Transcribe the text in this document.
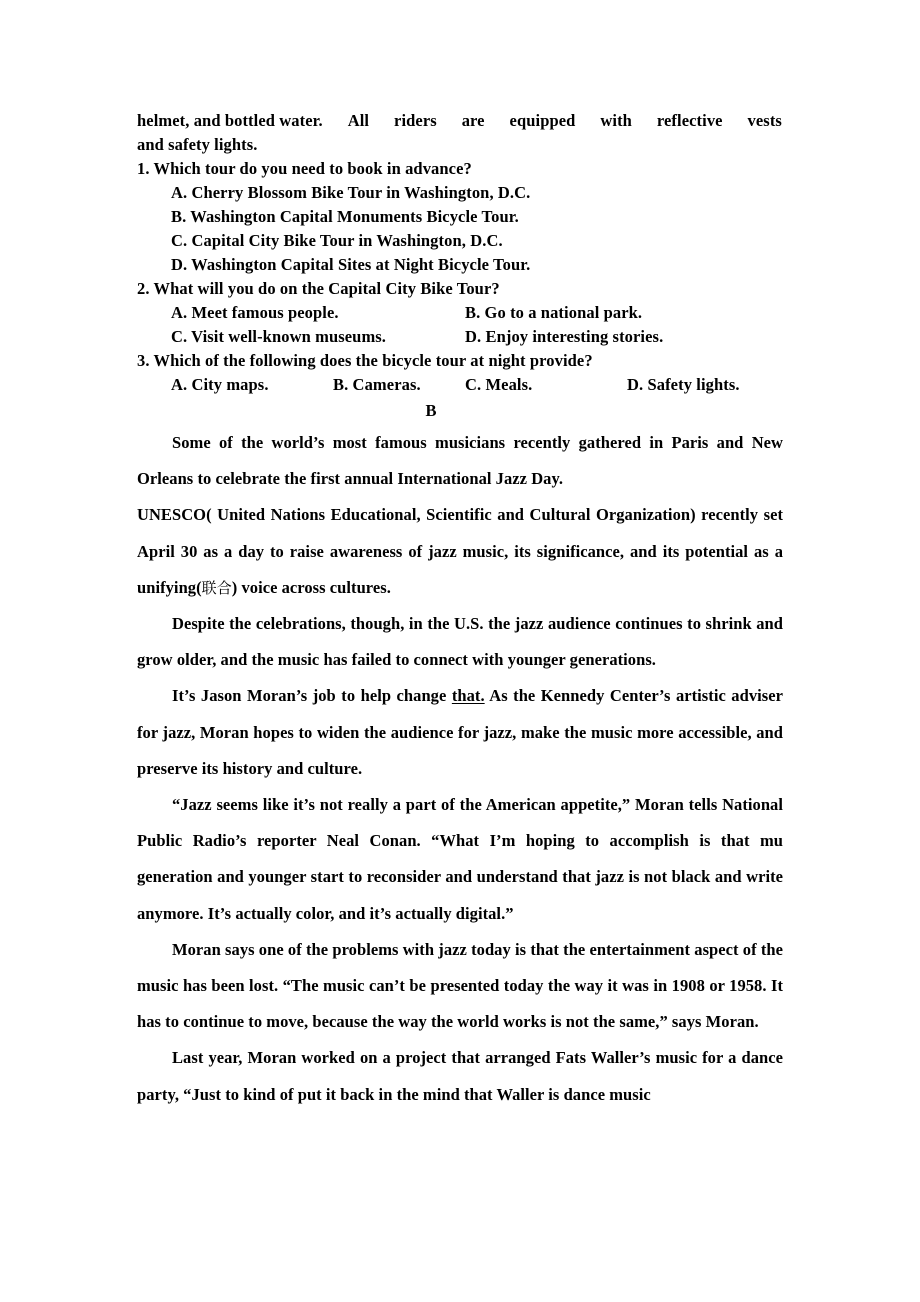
helmet, and bottled water. All riders are equipped with reflective vests
and safety lights.
1. Which tour do you need to book in advance?
A. Cherry Blossom Bike Tour in Washington, D.C.
B. Washington Capital Monuments Bicycle Tour.
C. Capital City Bike Tour in Washington, D.C.
D. Washington Capital Sites at Night Bicycle Tour.
2. What will you do on the Capital City Bike Tour?
A. Meet famous people.	B. Go to a national park.
C. Visit well-known museums.	D. Enjoy interesting stories.
3. Which of the following does the bicycle tour at night provide?
A. City maps.	B. Cameras.	C. Meals.	D. Safety lights.
B

Some of the world’s most famous musicians recently gathered in Paris and New Orleans to celebrate the first annual International Jazz Day.

UNESCO( United Nations Educational, Scientific and Cultural Organization) recently set April 30 as a day to raise awareness of jazz music, its significance, and its potential as a unifying(联合) voice across cultures.

Despite the celebrations, though, in the U.S. the jazz audience continues to shrink and grow older, and the music has failed to connect with younger generations.

It’s Jason Moran’s job to help change that. As the Kennedy Center’s artistic adviser for jazz, Moran hopes to widen the audience for jazz, make the music more accessible, and preserve its history and culture.

“Jazz seems like it’s not really a part of the American appetite,” Moran tells National Public Radio’s reporter Neal Conan. “What I’m hoping to accomplish is that mu generation and younger start to reconsider and understand that jazz is not black and write anymore. It’s actually color, and it’s actually digital.”

Moran says one of the problems with jazz today is that the entertainment aspect of the music has been lost. “The music can’t be presented today the way it was in 1908 or 1958. It has to continue to move, because the way the world works is not the same,” says Moran.

Last year, Moran worked on a project that arranged Fats Waller’s music for a dance party, “Just to kind of put it back in the mind that Waller is dance music
